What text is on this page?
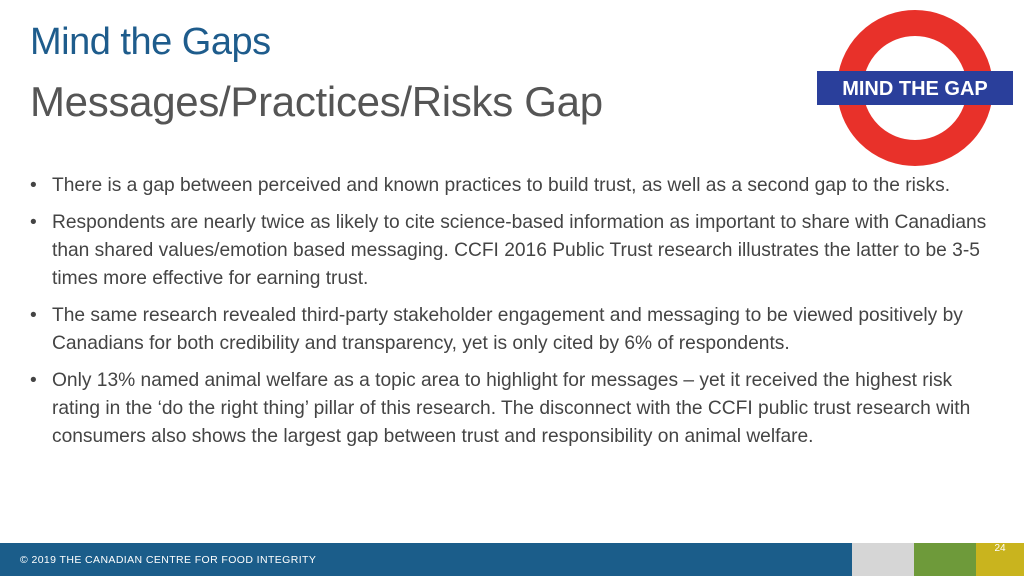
Mind the Gaps
Messages/Practices/Risks Gap	MIND THE GAP
• There is a gap between perceived and known practices to build trust, as well as a second gap to the risks.
• Respondents are nearly twice as likely to cite science-based information as important to share with Canadians than shared values/emotion based messaging. CCFI 2016 Public Trust research illustrates the latter to be 3-5 times more effective for earning trust.
• The same research revealed third-party stakeholder engagement and messaging to be viewed positively by Canadians for both credibility and transparency, yet is only cited by 6% of respondents.
• Only 13% named animal welfare as a topic area to highlight for messages – yet it received the highest risk rating in the ‘do the right thing’ pillar of this research. The disconnect with the CCFI public trust research with consumers also shows the largest gap between trust and responsibility on animal welfare.
© 2019 THE CANADIAN CENTRE FOR FOOD INTEGRITY
24
